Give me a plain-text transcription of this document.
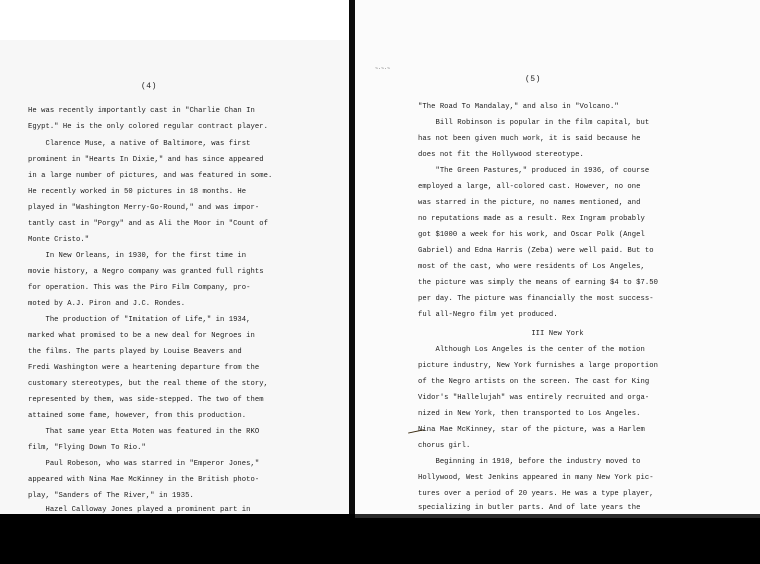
(4)
He was recently importantly cast in "Charlie Chan In
Egypt." He is the only colored regular contract player.
Clarence Muse, a native of Baltimore, was first
prominent in "Hearts In Dixie," and has since appeared
in a large number of pictures, and was featured in some.
He recently worked in 50 pictures in 18 months. He
played in "Washington Merry-Go-Round," and was impor-
tantly cast in "Porgy" and as Ali the Moor in "Count of
Monte Cristo."
In New Orleans, in 1930, for the first time in
movie history, a Negro company was granted full rights
for operation. This was the Piro Film Company, pro-
moted by A.J. Piron and J.C. Rondes.
The production of "Imitation of Life," in 1934,
marked what promised to be a new deal for Negroes in
the films. The parts played by Louise Beavers and
Fredi Washington were a heartening departure from the
customary stereotypes, but the real theme of the story,
represented by them, was side-stepped. The two of them
attained some fame, however, from this production.
That same year Etta Moten was featured in the RKO
film, "Flying Down To Rio."
Paul Robeson, who was starred in "Emperor Jones,"
appeared with Nina Mae McKinney in the British photo-
play, "Sanders of The River," in 1935.
Hazel Calloway Jones played a prominent part in
~·~·~
(5)
"The Road To Mandalay," and also in "Volcano."
Bill Robinson is popular in the film capital, but
has not been given much work, it is said because he
does not fit the Hollywood stereotype.
"The Green Pastures," produced in 1936, of course
employed a large, all-colored cast. However, no one
was starred in the picture, no names mentioned, and
no reputations made as a result. Rex Ingram probably
got $1000 a week for his work, and Oscar Polk (Angel
Gabriel) and Edna Harris (Zeba) were well paid. But to
most of the cast, who were residents of Los Angeles,
the picture was simply the means of earning $4 to $7.50
per day. The picture was financially the most success-
ful all-Negro film yet produced.
III New York
Although Los Angeles is the center of the motion
picture industry, New York furnishes a large proportion
of the Negro artists on the screen. The cast for King
Vidor's "Hallelujah" was entirely recruited and orga-
nized in New York, then transported to Los Angeles.
Nina Mae McKinney, star of the picture, was a Harlem
chorus girl.
Beginning in 1910, before the industry moved to
Hollywood, West Jenkins appeared in many New York pic-
tures over a period of 20 years. He was a type player,
specializing in butler parts. And of late years the
